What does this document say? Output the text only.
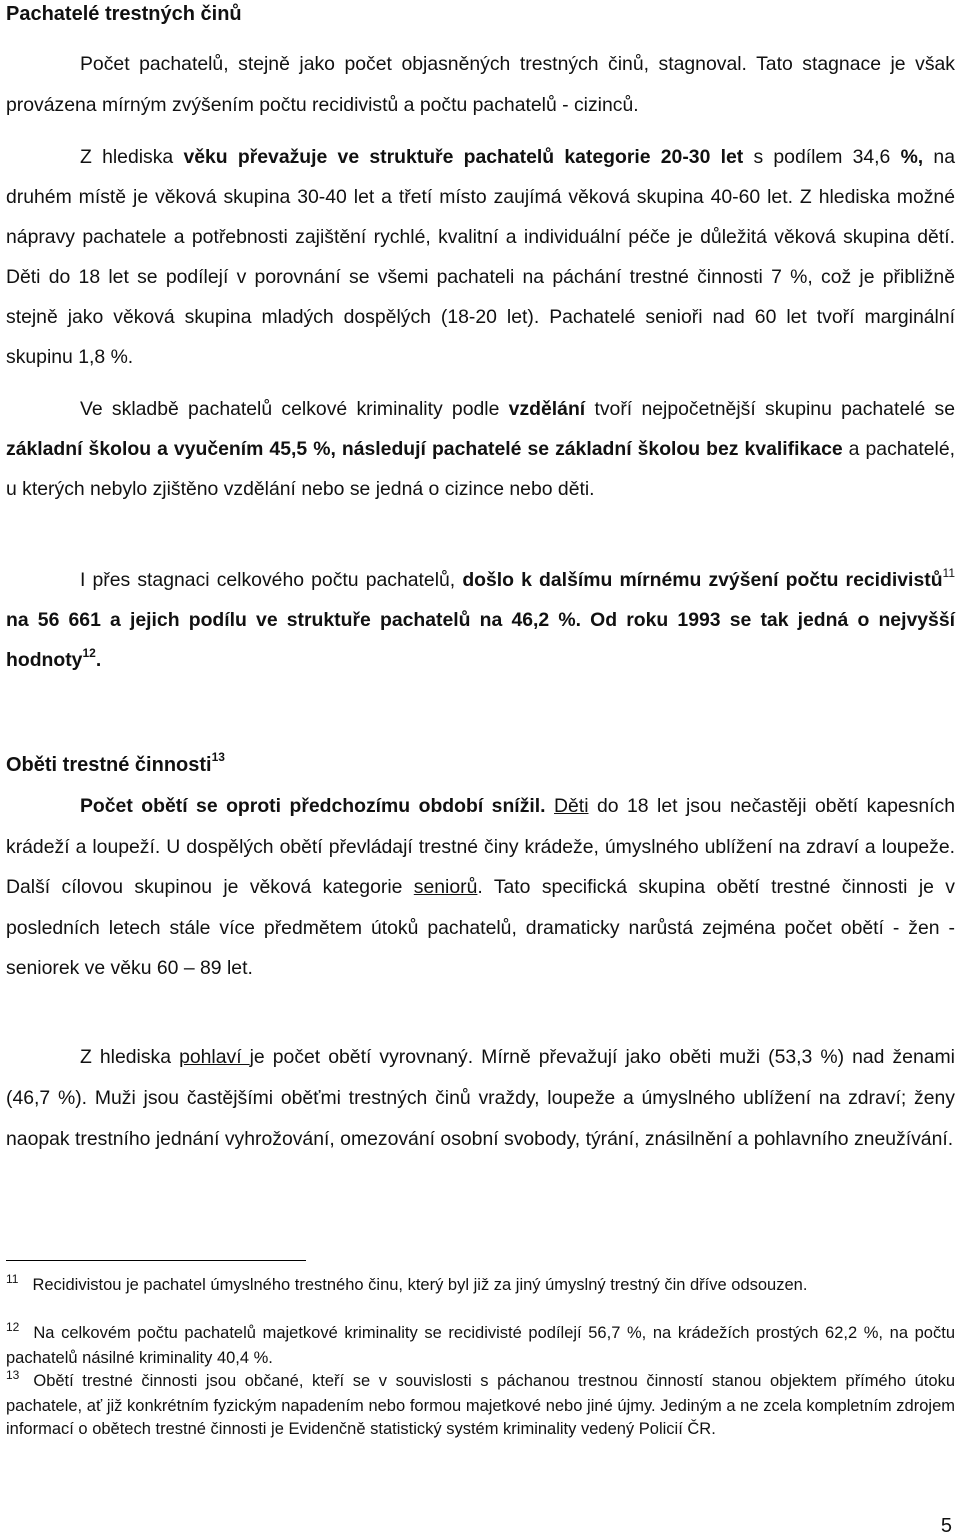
Pachatelé trestných činů

Počet pachatelů, stejně jako počet objasněných trestných činů, stagnoval. Tato stagnace je však provázena mírným zvýšením počtu recidivistů a počtu pachatelů - cizinců.

Z hlediska věku převažuje ve struktuře pachatelů kategorie 20-30 let s podílem 34,6 %, na druhém místě je věková skupina 30-40 let a třetí místo zaujímá věková skupina 40-60 let. Z hlediska možné nápravy pachatele a potřebnosti zajištění rychlé, kvalitní a individuální péče je důležitá věková skupina dětí. Děti do 18 let se podílejí v porovnání se všemi pachateli na páchání trestné činnosti 7 %, což je přibližně stejně jako věková skupina mladých dospělých (18-20 let). Pachatelé senioři nad 60 let tvoří marginální skupinu 1,8 %.

Ve skladbě pachatelů celkové kriminality podle vzdělání tvoří nejpočetnější skupinu pachatelé se základní školou a vyučením 45,5 %, následují pachatelé se základní školou bez kvalifikace a pachatelé, u kterých nebylo zjištěno vzdělání nebo se jedná o cizince nebo děti.

I přes stagnaci celkového počtu pachatelů, došlo k dalšímu mírnému zvýšení počtu recidivistů$^{11}$ na 56 661 a jejich podílu ve struktuře pachatelů na 46,2 %. Od roku 1993 se tak jedná o nejvyšší hodnoty$^{12}$.

Oběti trestné činnosti$^{13}$

Počet obětí se oproti předchozímu období snížil. Děti do 18 let jsou nečastěji obětí kapesních krádeží a loupeží. U dospělých obětí převládají trestné činy krádeže, úmyslného ublížení na zdraví a loupeže. Další cílovou skupinou je věková kategorie seniorů. Tato specifická skupina obětí trestné činnosti je v posledních letech stále více předmětem útoků pachatelů, dramaticky narůstá zejména počet obětí - žen - seniorek ve věku 60 – 89 let.

Z hlediska pohlaví je počet obětí vyrovnaný. Mírně převažují jako oběti muži (53,3 %) nad ženami (46,7 %). Muži jsou častějšími oběťmi trestných činů vraždy, loupeže a úmyslného ublížení na zdraví; ženy naopak trestního jednání vyhrožování, omezování osobní svobody, týrání, znásilnění a pohlavního zneužívání.

$^{11}$ Recidivistou je pachatel úmyslného trestného činu, který byl již za jiný úmyslný trestný čin dříve odsouzen.

$^{12}$ Na celkovém počtu pachatelů majetkové kriminality se recidivisté podílejí 56,7 %, na krádežích prostých 62,2 %, na počtu pachatelů násilné kriminality 40,4 %.

$^{13}$ Obětí trestné činnosti jsou občané, kteří se v souvislosti s páchanou trestnou činností stanou objektem přímého útoku pachatele, ať již konkrétním fyzickým napadením nebo formou majetkové nebo jiné újmy. Jediným a ne zcela kompletním zdrojem informací o obětech trestné činnosti je Evidenčně statistický systém kriminality vedený Policií ČR.

5
